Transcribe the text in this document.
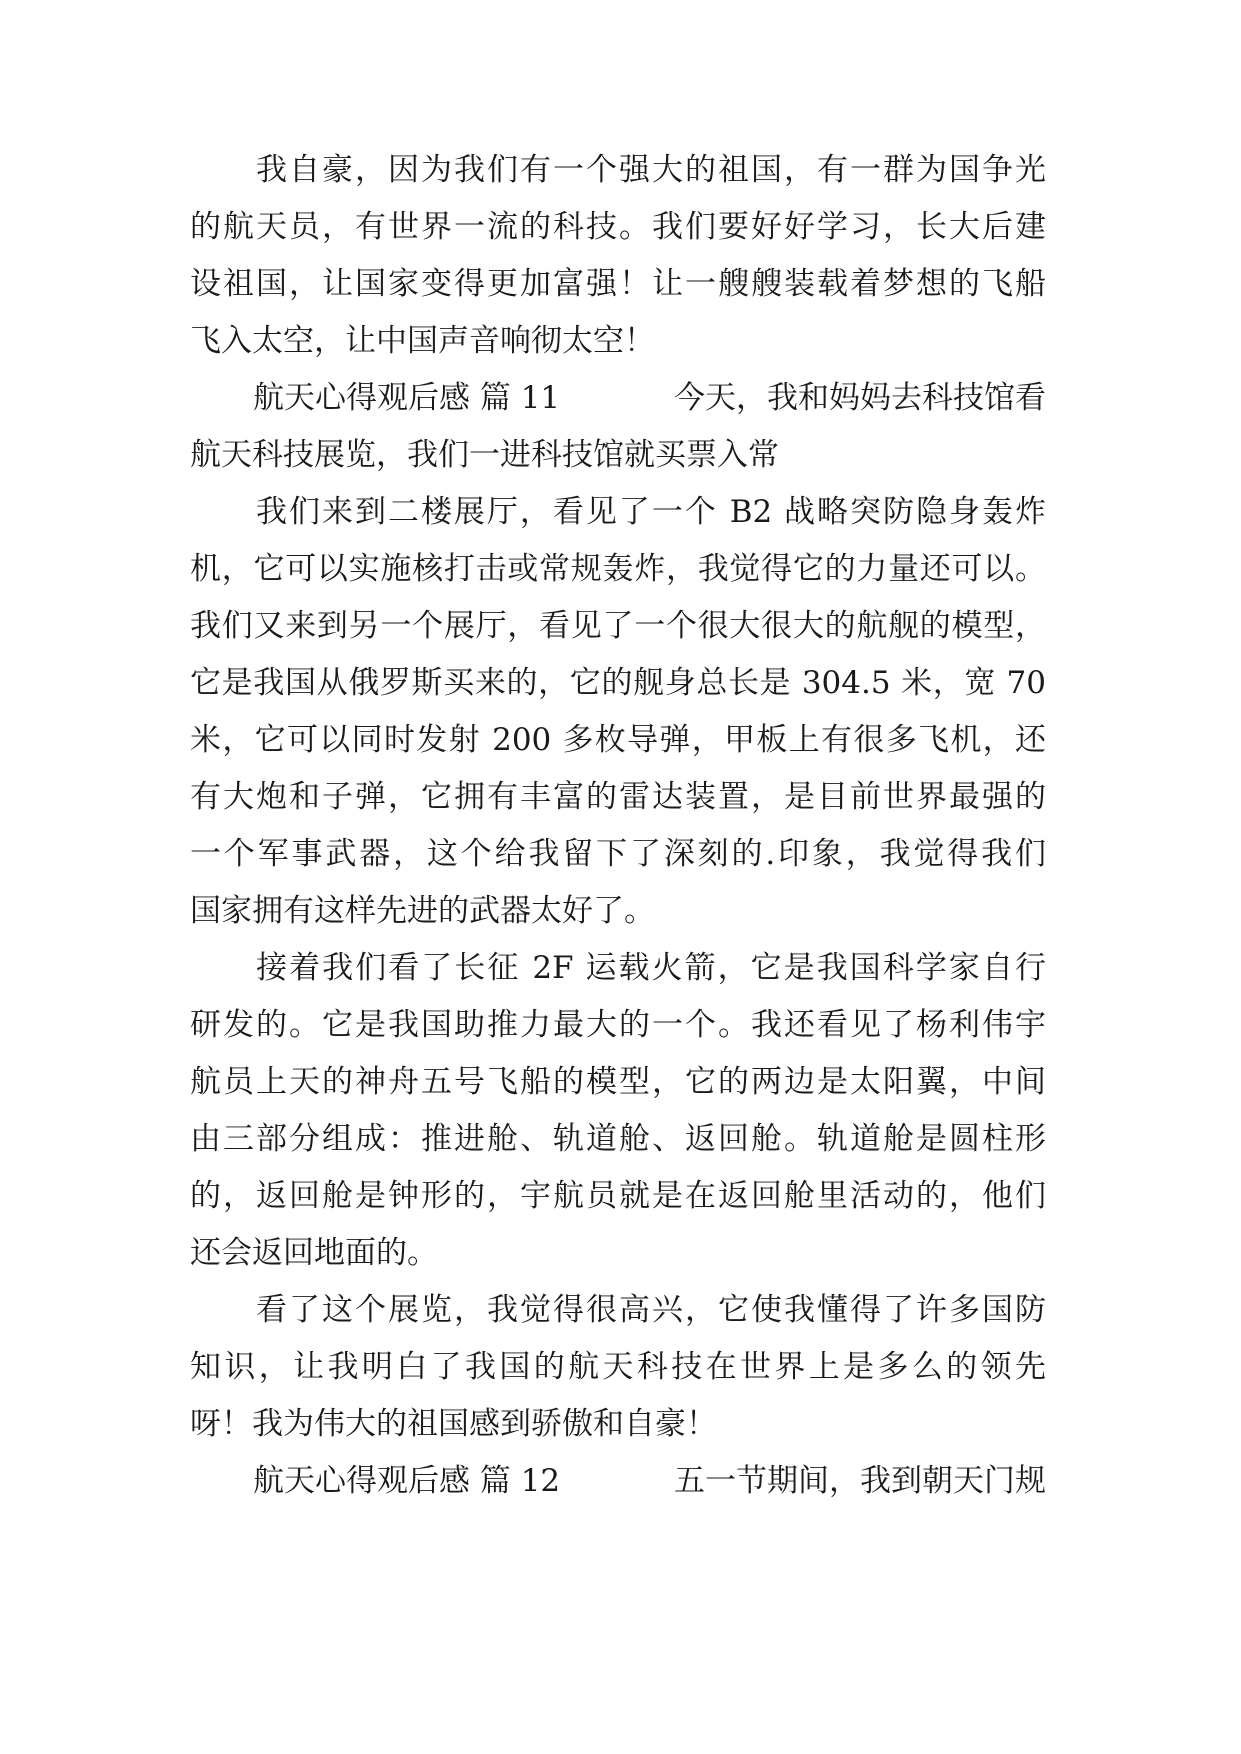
　　我自豪，因为我们有一个强大的祖国，有一群为国争光
的航天员，有世界一流的科技。我们要好好学习，长大后建
设祖国，让国家变得更加富强！让一艘艘装载着梦想的飞船
飞入太空，让中国声音响彻太空！
航天心得观后感 篇 11	今天，我和妈妈去科技馆看
航天科技展览，我们一进科技馆就买票入常
　　我们来到二楼展厅，看见了一个 B2 战略突防隐身轰炸
机，它可以实施核打击或常规轰炸，我觉得它的力量还可以。
我们又来到另一个展厅，看见了一个很大很大的航舰的模型，
它是我国从俄罗斯买来的，它的舰身总长是 304.5 米，宽 70
米，它可以同时发射 200 多枚导弹，甲板上有很多飞机，还
有大炮和子弹，它拥有丰富的雷达装置，是目前世界最强的
一个军事武器，这个给我留下了深刻的.印象，我觉得我们
国家拥有这样先进的武器太好了。
　　接着我们看了长征 2F 运载火箭，它是我国科学家自行
研发的。它是我国助推力最大的一个。我还看见了杨利伟宇
航员上天的神舟五号飞船的模型，它的两边是太阳翼，中间
由三部分组成：推进舱、轨道舱、返回舱。轨道舱是圆柱形
的，返回舱是钟形的，宇航员就是在返回舱里活动的，他们
还会返回地面的。
　　看了这个展览，我觉得很高兴，它使我懂得了许多国防
知识，让我明白了我国的航天科技在世界上是多么的领先
呀！我为伟大的祖国感到骄傲和自豪！
航天心得观后感 篇 12	五一节期间，我到朝天门规
